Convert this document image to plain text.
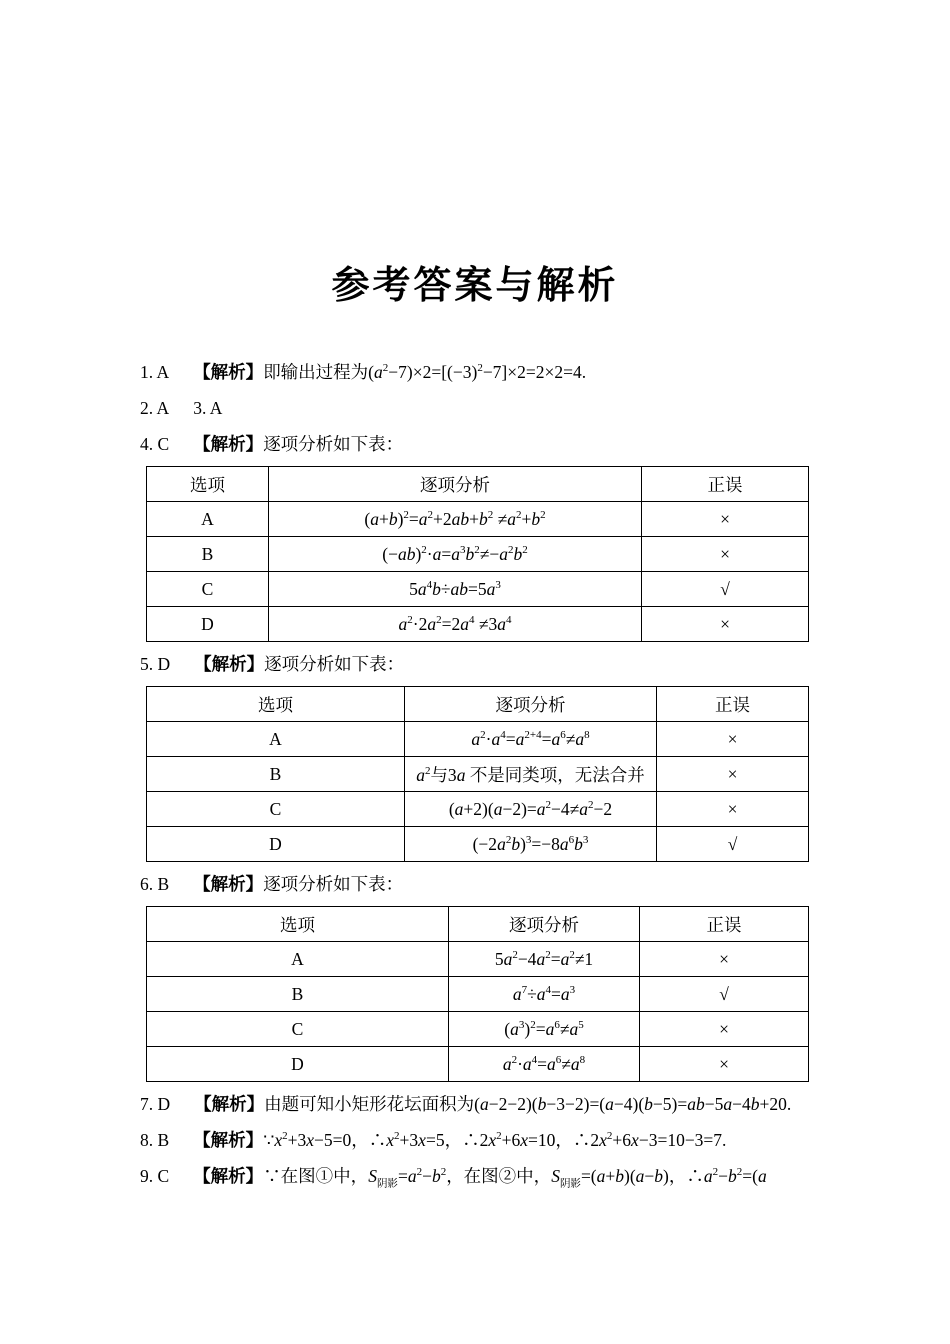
参考答案与解析

1. A 【解析】即输出过程为$(a^2-7)\times 2=[(-3)^2-7]\times 2=2\times 2=4$.

2. A 3. A

4. C 【解析】逐项分析如下表：

选项	逐项分析	正误
A	$(a+b)^2=a^2+2ab+b^2 \ne a^2+b^2$	×
B	$(-ab)^2\cdot a=a^3b^2\ne-a^2b^2$	×
C	$5a^4b\div ab=5a^3$	√
D	$a^2\cdot 2a^2=2a^4 \ne 3a^4$	×

5. D 【解析】逐项分析如下表：

选项	逐项分析	正误
A	$a^2\cdot a^4=a^{2+4}=a^6\ne a^8$	×
B	$a^2$与3a 不是同类项，无法合并	×
C	$(a+2)(a-2)=a^2-4\ne a^2-2$	×
D	$(-2a^2b)^3=-8a^6b^3$	√

6. B 【解析】逐项分析如下表：

选项	逐项分析	正误
A	$5a^2-4a^2=a^2\ne 1$	×
B	$a^7\div a^4=a^3$	√
C	$(a^3)^2=a^6\ne a^5$	×
D	$a^2\cdot a^4=a^6\ne a^8$	×

7. D 【解析】由题可知小矩形花坛面积为(a−2−2)(b−3−2)=(a−4)(b−5)=ab−5a−4b+20.

8. B 【解析】$\because x^2+3x-5=0$，$\therefore x^2+3x=5$，$\therefore 2x^2+6x=10$，$\therefore 2x^2+6x-3=10-3=7$.

9. C 【解析】∵在图①中，$S_{阴影}=a^2-b^2$，在图②中，$S_{阴影}=(a+b)(a-b)$，$\therefore a^2-b^2=(a$
